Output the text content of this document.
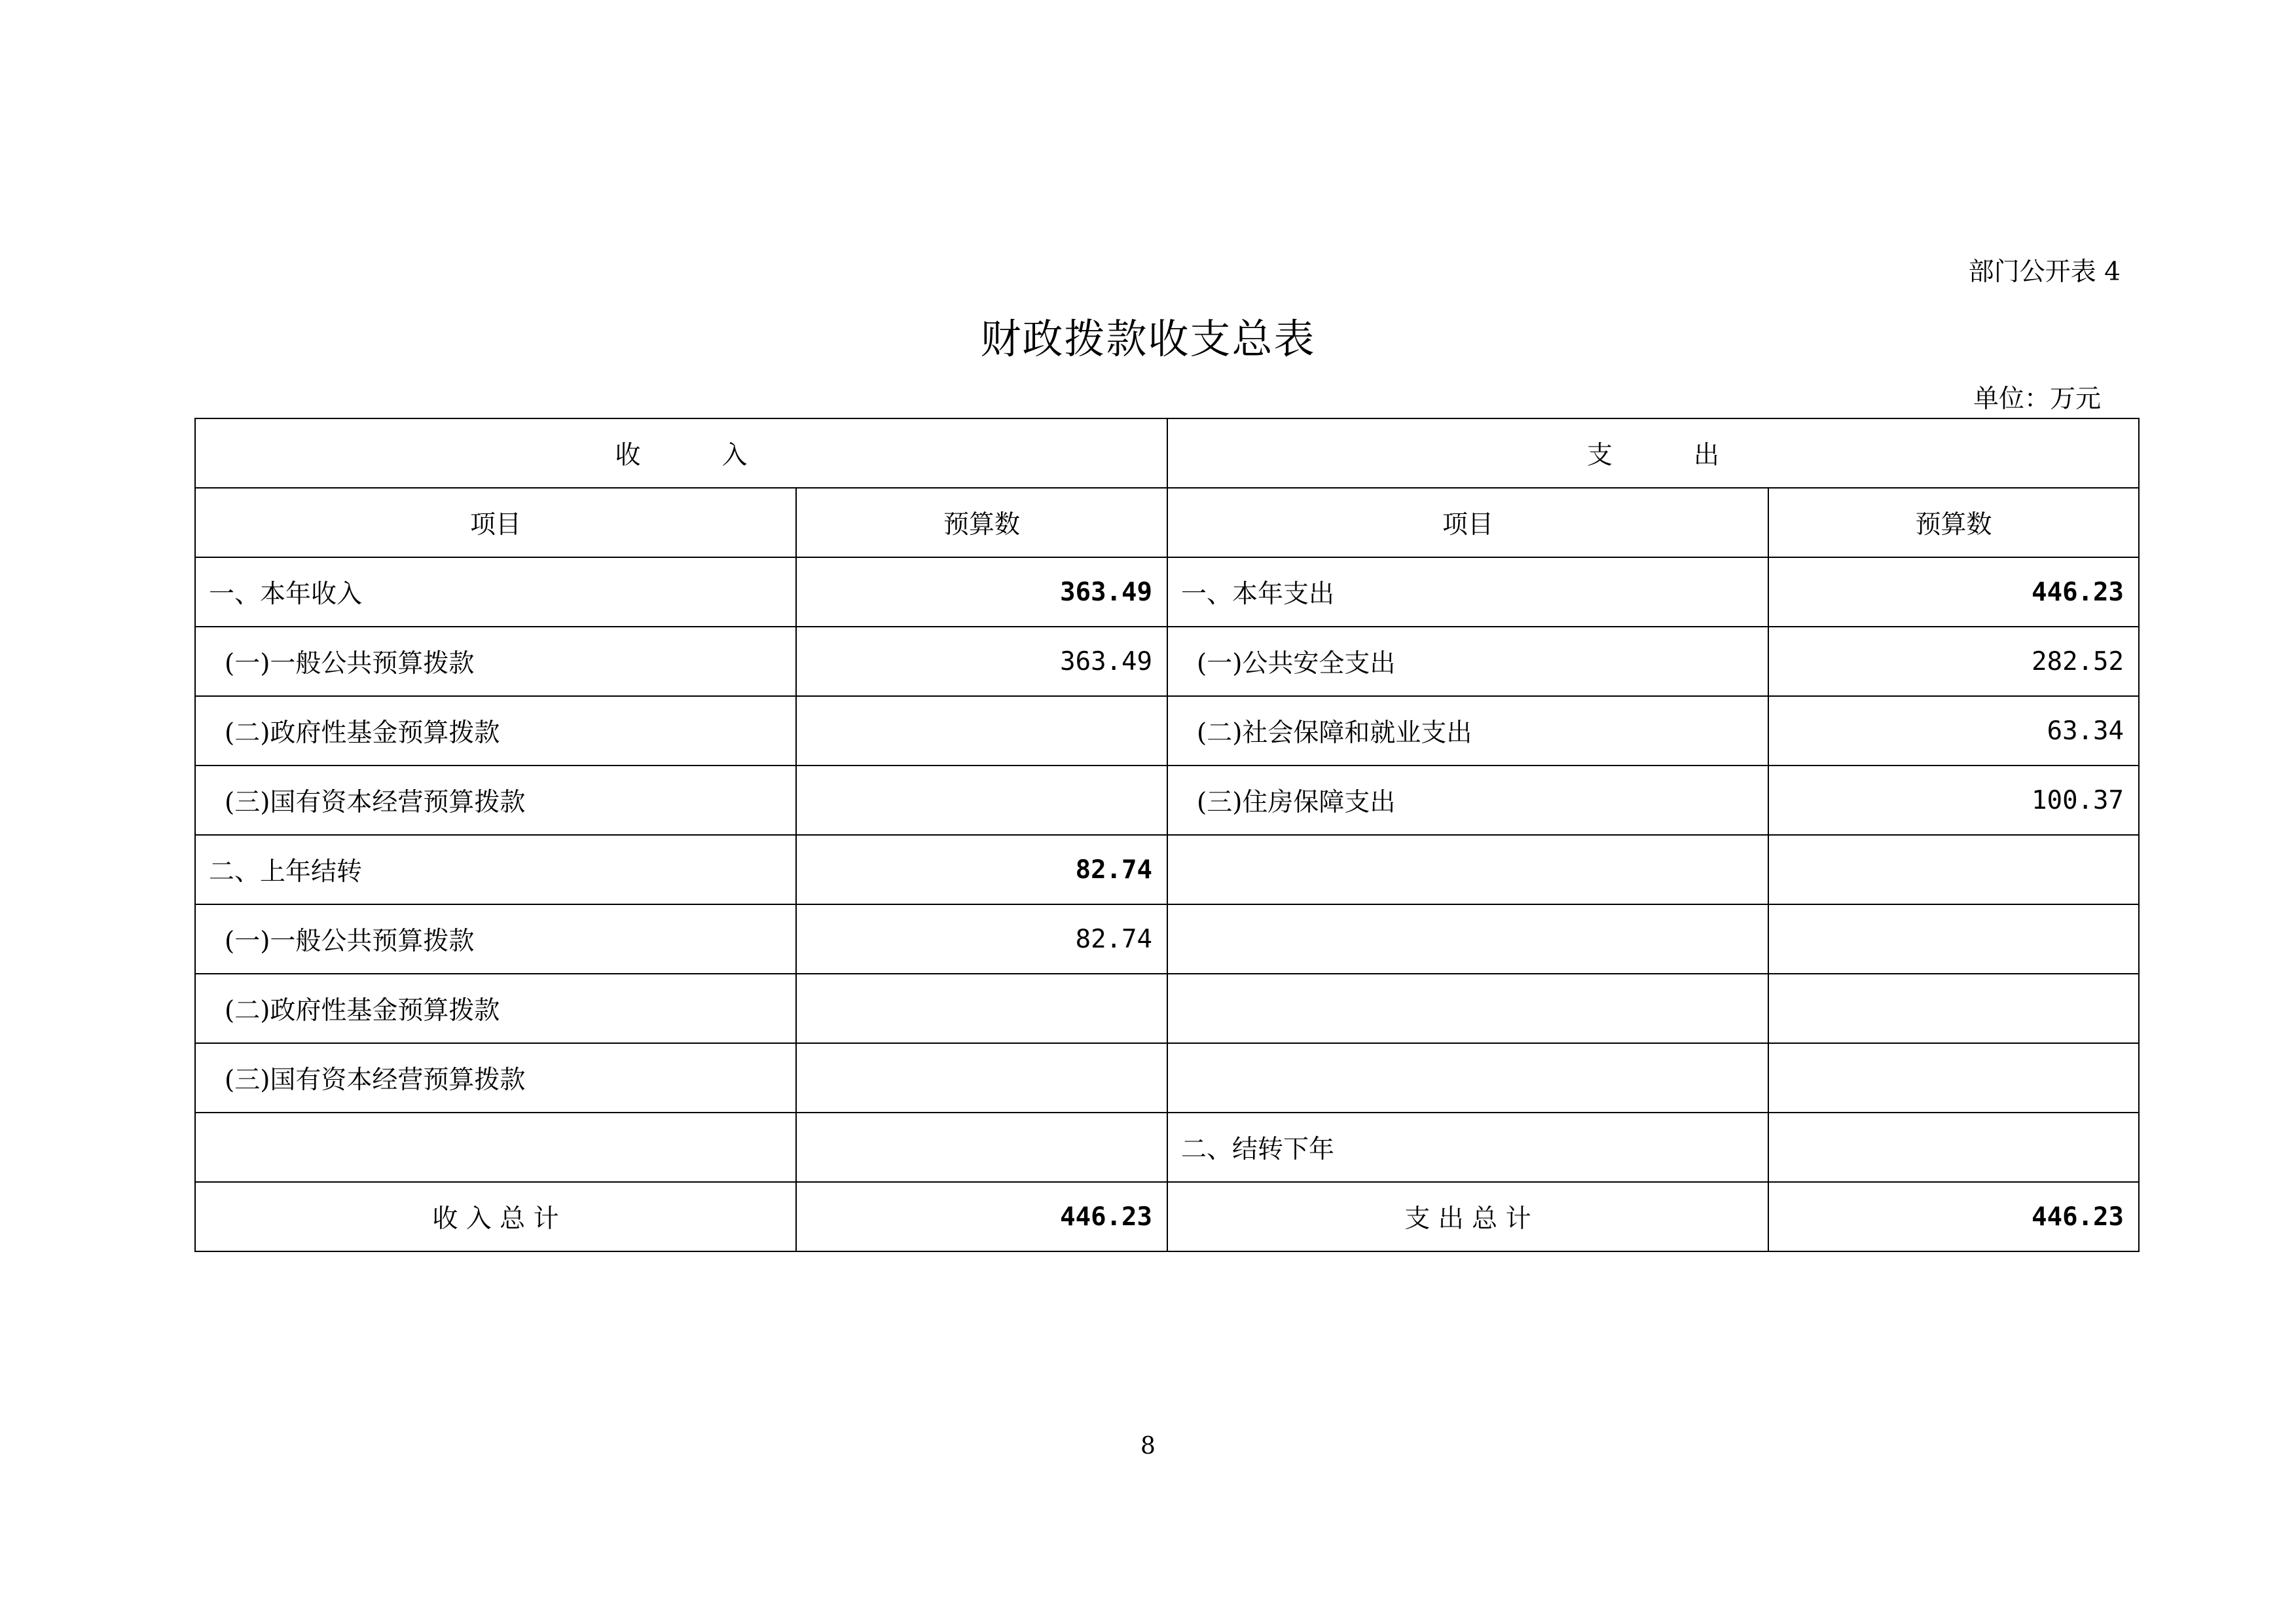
部门公开表 4
财政拨款收支总表
单位：万元
收          入		支          出	
项目	预算数	项目	预算数
一、本年收入	363.49	一、本年支出	446.23
(一)一般公共预算拨款	363.49	(一)公共安全支出	282.52
(二)政府性基金预算拨款		(二)社会保障和就业支出	63.34
(三)国有资本经营预算拨款		(三)住房保障支出	100.37
二、上年结转	82.74		
(一)一般公共预算拨款	82.74		
(二)政府性基金预算拨款			
(三)国有资本经营预算拨款			
		二、结转下年	
收 入 总 计	446.23	支 出 总 计	446.23
8
